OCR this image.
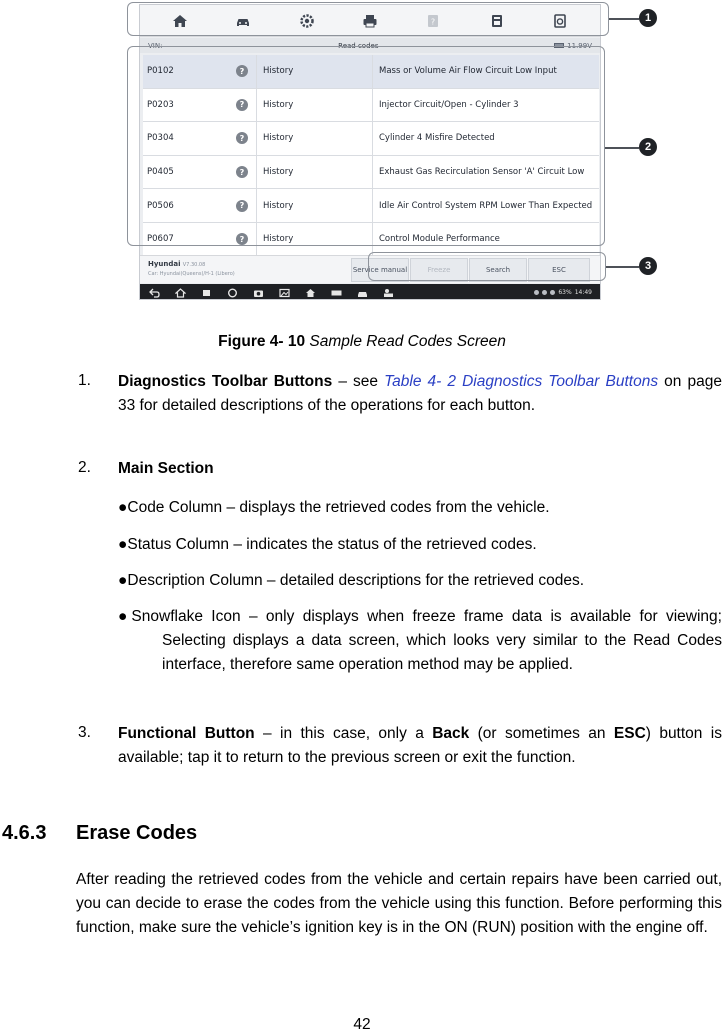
?
VIN:	Read codes	11.99V
P0102	?	History	Mass or Volume Air Flow Circuit Low Input
P0203	?	History	Injector Circuit/Open - Cylinder 3
P0304	?	History	Cylinder 4 Misfire Detected
P0405	?	History	Exhaust Gas Recirculation Sensor 'A' Circuit Low
P0506	?	History	Idle Air Control System RPM Lower Than Expected
P0607	?	History	Control Module Performance
Hyundai V7.30.08
Car: Hyundai(Queens)/H-1 (Libero)	Service manual	Freeze	Search	ESC
63% 14:49
1
2
3
Figure 4- 10 Sample Read Codes Screen
1. Diagnostics Toolbar Buttons – see Table 4- 2 Diagnostics Toolbar Buttons on page 33 for detailed descriptions of the operations for each button.
2. Main Section
●Code Column – displays the retrieved codes from the vehicle.
●Status Column – indicates the status of the retrieved codes.
●Description Column – detailed descriptions for the retrieved codes.
●Snowflake Icon – only displays when freeze frame data is available for viewing; Selecting displays a data screen, which looks very similar to the Read Codes interface, therefore same operation method may be applied.
3. Functional Button – in this case, only a Back (or sometimes an ESC) button is available; tap it to return to the previous screen or exit the function.
4.6.3 Erase Codes
After reading the retrieved codes from the vehicle and certain repairs have been carried out, you can decide to erase the codes from the vehicle using this function. Before performing this function, make sure the vehicle’s ignition key is in the ON (RUN) position with the engine off.
42
